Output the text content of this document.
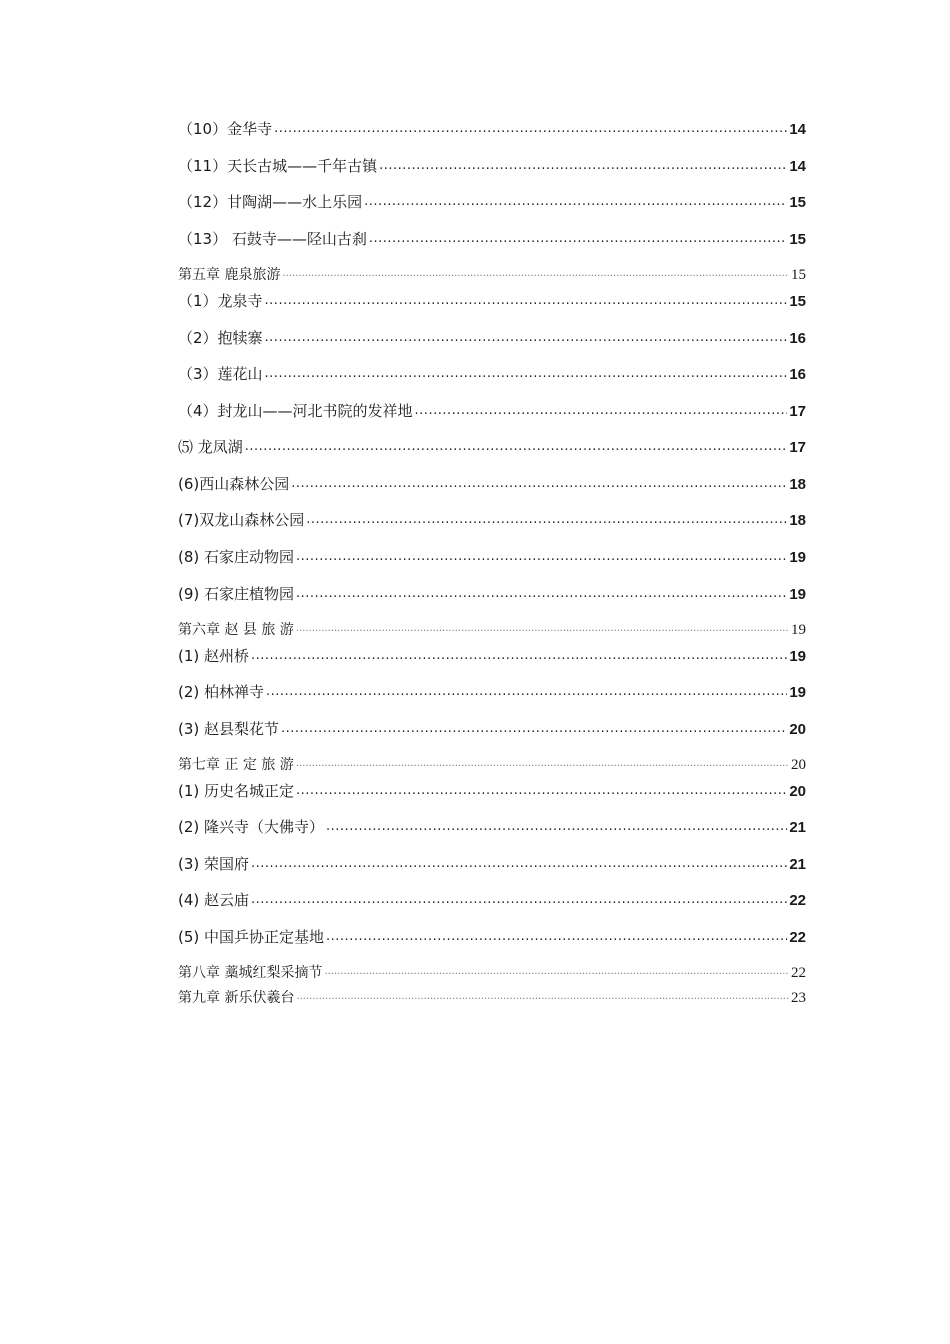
（10）金华寺 .....	14
（11）天长古城——千年古镇 .....	14
（12）甘陶湖——水上乐园 .....	15
（13） 石鼓寺——陉山古刹 .....	15
第五章 鹿泉旅游 .....	15
（1）龙泉寺 .....	15
（2）抱犊寨 .....	16
（3）莲花山 .....	16
（4）封龙山——河北书院的发祥地 .....	17
⑸ 龙凤湖 .....	17
(6)西山森林公园 .....	18
(7)双龙山森林公园 .....	18
(8) 石家庄动物园 .....	19
(9) 石家庄植物园 .....	19
第六章 赵 县 旅 游 .....	19
(1) 赵州桥 .....	19
(2) 柏林禅寺 .....	19
(3) 赵县梨花节 .....	20
第七章 正 定 旅 游 .....	20
(1) 历史名城正定 .....	20
(2) 隆兴寺（大佛寺） .....	21
(3) 荣国府 .....	21
(4) 赵云庙 .....	22
(5) 中国乒协正定基地 .....	22
第八章 藁城红梨采摘节 .....	22
第九章 新乐伏羲台 .....	23
